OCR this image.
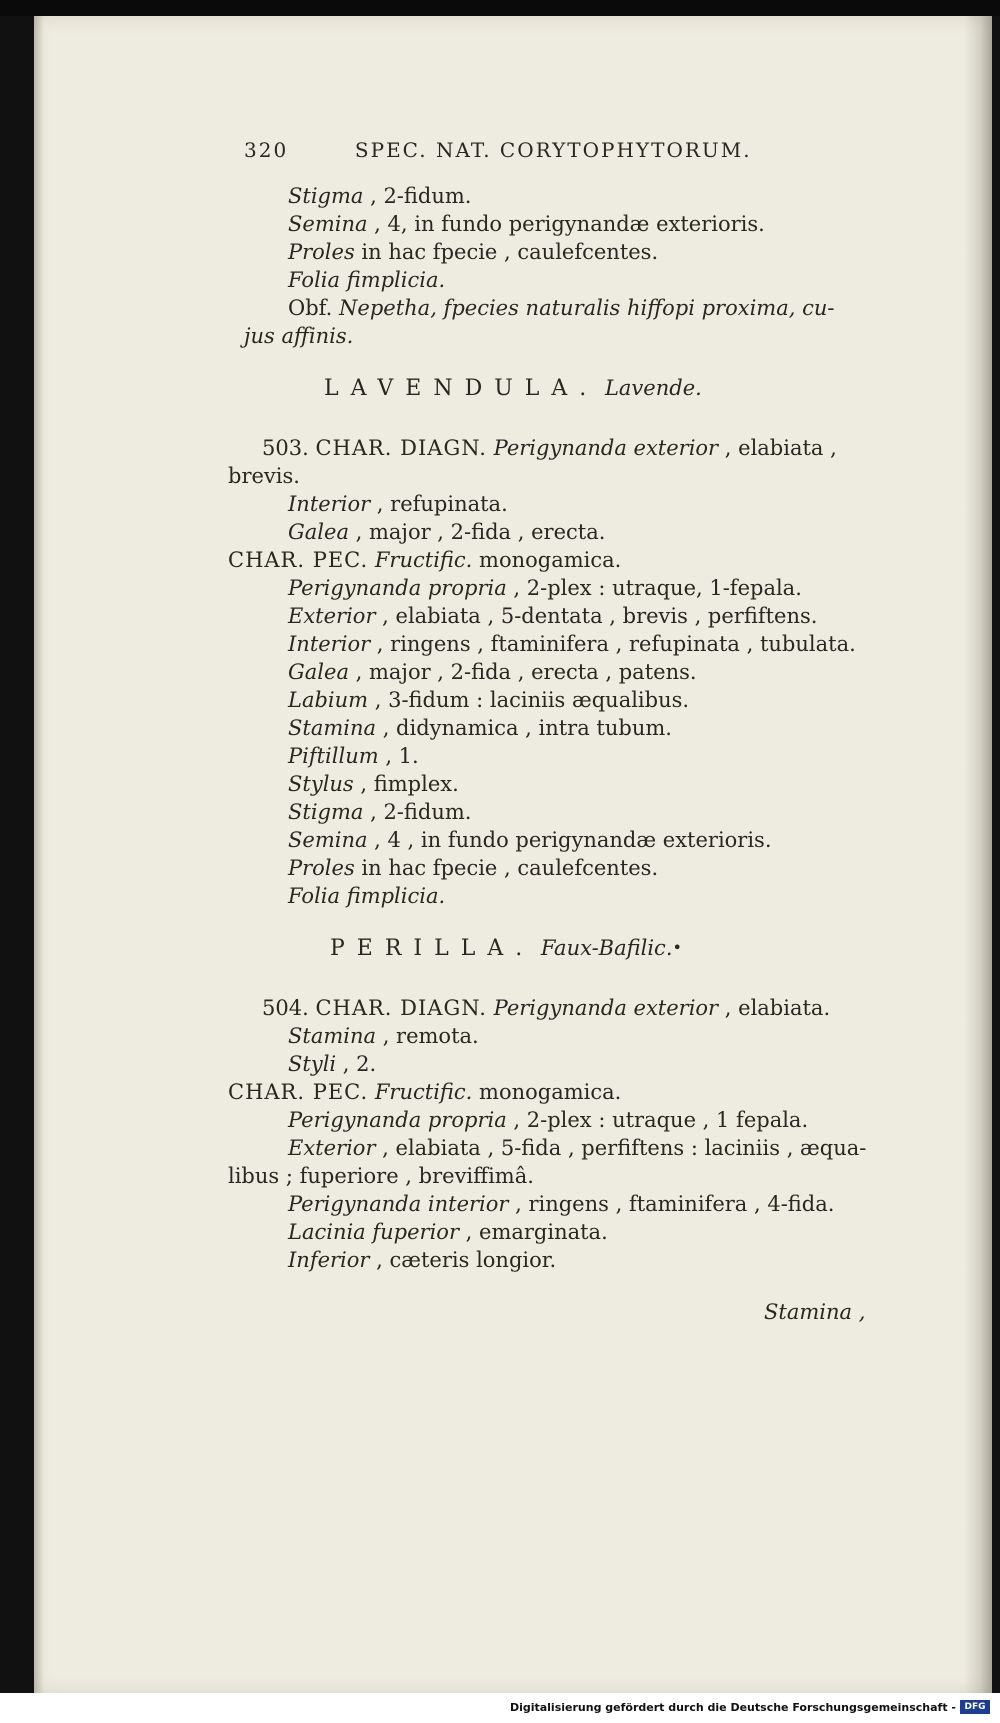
320	SPEC. NAT. CORYTOPHYTORUM.
Stigma , 2-fidum.
Semina , 4, in fundo perigynandæ exterioris.
Proles in hac fpecie , caulefcentes.
Folia fimplicia.
Obf. Nepetha, fpecies naturalis hiffopi proxima, cu-
jus affinis.
LAVENDULA. Lavende.
503. CHAR. DIAGN. Perigynanda exterior , elabiata ,
brevis.
Interior , refupinata.
Galea , major , 2-fida , erecta.
CHAR. PEC. Fructific. monogamica.
Perigynanda propria , 2-plex : utraque, 1-fepala.
Exterior , elabiata , 5-dentata , brevis , perfiftens.
Interior , ringens , ftaminifera , refupinata , tubulata.
Galea , major , 2-fida , erecta , patens.
Labium , 3-fidum : laciniis æqualibus.
Stamina , didynamica , intra tubum.
Piftillum , 1.
Stylus , fimplex.
Stigma , 2-fidum.
Semina , 4 , in fundo perigynandæ exterioris.
Proles in hac fpecie , caulefcentes.
Folia fimplicia.
PERILLA. Faux-Bafilic. •
504. CHAR. DIAGN. Perigynanda exterior , elabiata.
Stamina , remota.
Styli , 2.
CHAR. PEC. Fructific. monogamica.
Perigynanda propria , 2-plex : utraque , 1 fepala.
Exterior , elabiata , 5-fida , perfiftens : laciniis , æqua-
libus ; fuperiore , breviffimâ.
Perigynanda interior , ringens , ftaminifera , 4-fida.
Lacinia fuperior , emarginata.
Inferior , cæteris longior.
Stamina ,
Digitalisierung gefördert durch die Deutsche Forschungsgemeinschaft - DFG
